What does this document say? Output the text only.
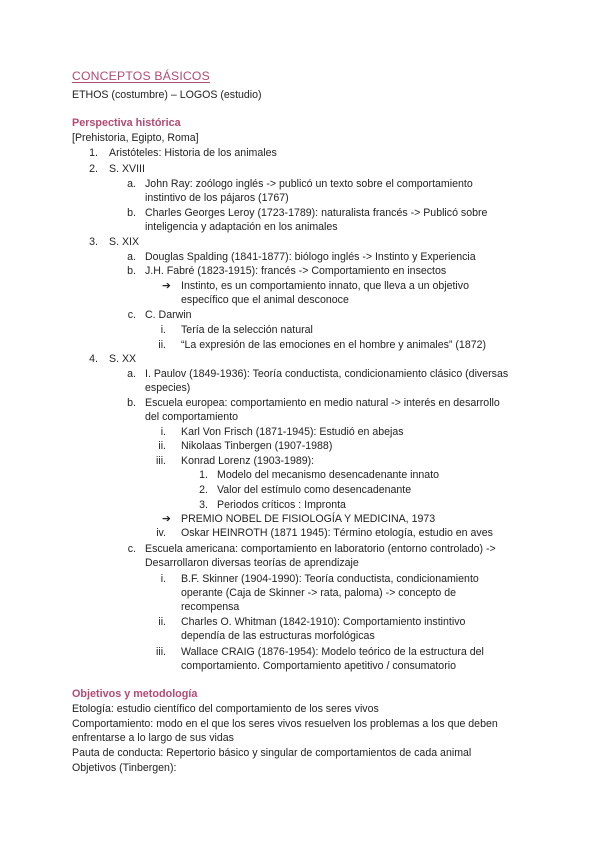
CONCEPTOS BÁSICOS
ETHOS (costumbre) – LOGOS (estudio)
Perspectiva histórica
[Prehistoria, Egipto, Roma]
1. Aristóteles: Historia de los animales
2. S. XVIII
a. John Ray: zoólogo inglés -> publicó un texto sobre el comportamiento
instintivo de los pájaros (1767)
b. Charles Georges Leroy (1723-1789): naturalista francés -> Publicó sobre
inteligencia y adaptación en los animales
3. S. XIX
a. Douglas Spalding (1841-1877): biólogo inglés -> Instinto y Experiencia
b. J.H. Fabré (1823-1915): francés -> Comportamiento en insectos
➔ Instinto, es un comportamiento innato, que lleva a un objetivo
específico que el animal desconoce
c. C. Darwin
i. Tería de la selección natural
ii. “La expresión de las emociones en el hombre y animales” (1872)
4. S. XX
a. I. Paulov (1849-1936): Teoría conductista, condicionamiento clásico (diversas
especies)
b. Escuela europea: comportamiento en medio natural -> interés en desarrollo
del comportamiento
i. Karl Von Frisch (1871-1945): Estudió en abejas
ii. Nikolaas Tinbergen (1907-1988)
iii. Konrad Lorenz (1903-1989):
1. Modelo del mecanismo desencadenante innato
2. Valor del estímulo como desencadenante
3. Periodos críticos : Impronta
➔ PREMIO NOBEL DE FISIOLOGÍA Y MEDICINA, 1973
iv. Oskar HEINROTH (1871 1945): Término etología, estudio en aves
c. Escuela americana: comportamiento en laboratorio (entorno controlado) ->
Desarrollaron diversas teorías de aprendizaje
i. B.F. Skinner (1904-1990): Teoría conductista, condicionamiento
operante (Caja de Skinner -> rata, paloma) -> concepto de
recompensa
ii. Charles O. Whitman (1842-1910): Comportamiento instintivo
dependía de las estructuras morfológicas
iii. Wallace CRAIG (1876-1954): Modelo teórico de la estructura del
comportamiento. Comportamiento apetitivo / consumatorio
Objetivos y metodología
Etología: estudio científico del comportamiento de los seres vivos
Comportamiento: modo en el que los seres vivos resuelven los problemas a los que deben
enfrentarse a lo largo de sus vidas
Pauta de conducta: Repertorio básico y singular de comportamientos de cada animal
Objetivos (Tinbergen):
